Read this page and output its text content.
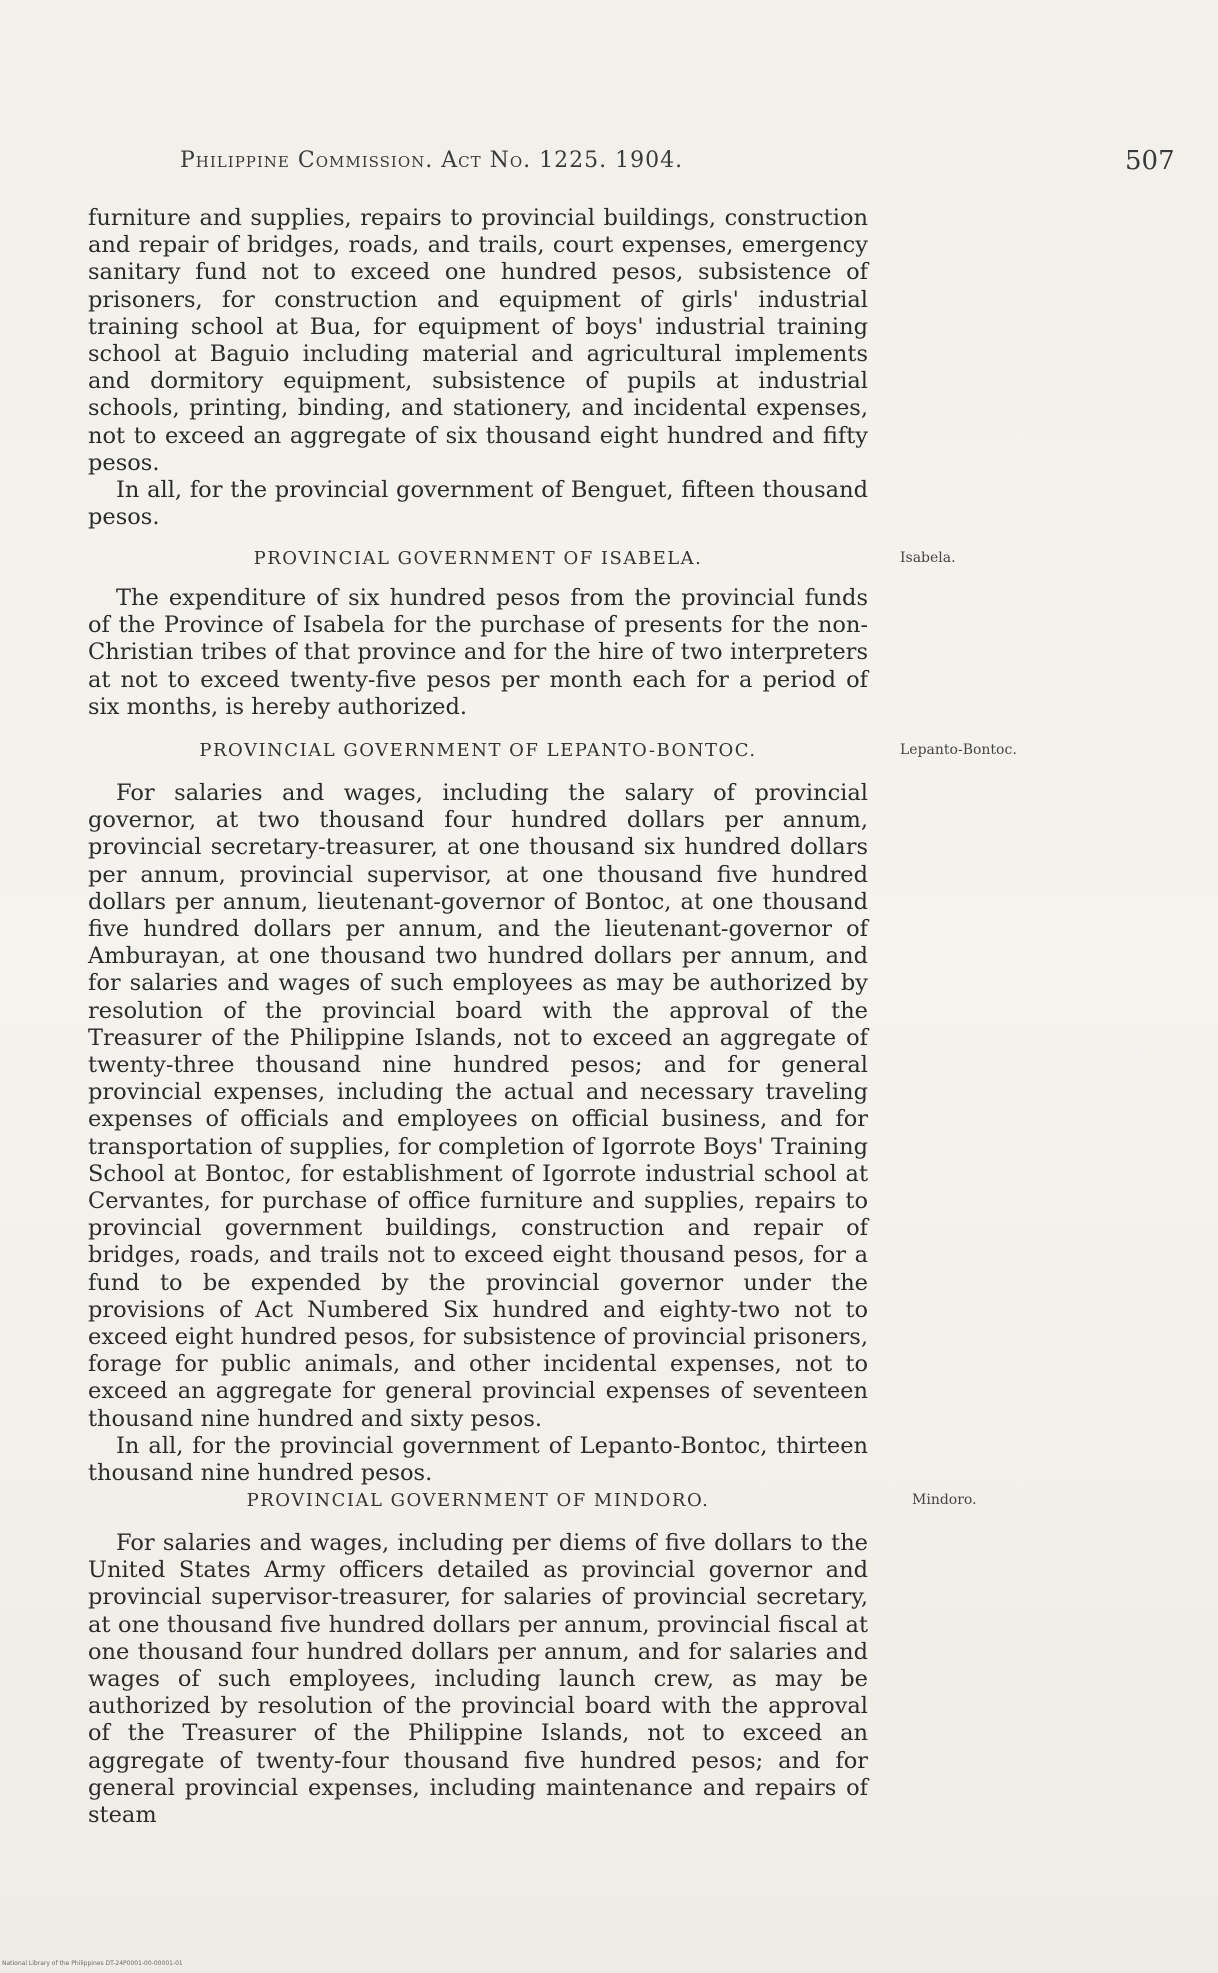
Philippine Commission. Act No. 1225. 1904.	507

furniture and supplies, repairs to provincial buildings, construction and repair of bridges, roads, and trails, court expenses, emergency sanitary fund not to exceed one hundred pesos, subsistence of prisoners, for construction and equipment of girls' industrial training school at Bua, for equipment of boys' industrial training school at Baguio including material and agricultural implements and dormitory equipment, subsistence of pupils at industrial schools, printing, binding, and stationery, and incidental expenses, not to exceed an aggregate of six thousand eight hundred and fifty pesos.

In all, for the provincial government of Benguet, fifteen thousand pesos.

PROVINCIAL GOVERNMENT OF ISABELA.	Isabela.

The expenditure of six hundred pesos from the provincial funds of the Province of Isabela for the purchase of presents for the non-Christian tribes of that province and for the hire of two interpreters at not to exceed twenty-five pesos per month each for a period of six months, is hereby authorized.

PROVINCIAL GOVERNMENT OF LEPANTO-BONTOC.	Lepanto-Bontoc.

For salaries and wages, including the salary of provincial governor, at two thousand four hundred dollars per annum, provincial secretary-treasurer, at one thousand six hundred dollars per annum, provincial supervisor, at one thousand five hundred dollars per annum, lieutenant-governor of Bontoc, at one thousand five hundred dollars per annum, and the lieutenant-governor of Amburayan, at one thousand two hundred dollars per annum, and for salaries and wages of such employees as may be authorized by resolution of the provincial board with the approval of the Treasurer of the Philippine Islands, not to exceed an aggregate of twenty-three thousand nine hundred pesos; and for general provincial expenses, including the actual and necessary traveling expenses of officials and employees on official business, and for transportation of supplies, for completion of Igorrote Boys' Training School at Bontoc, for establishment of Igorrote industrial school at Cervantes, for purchase of office furniture and supplies, repairs to provincial government buildings, construction and repair of bridges, roads, and trails not to exceed eight thousand pesos, for a fund to be expended by the provincial governor under the provisions of Act Numbered Six hundred and eighty-two not to exceed eight hundred pesos, for subsistence of provincial prisoners, forage for public animals, and other incidental expenses, not to exceed an aggregate for general provincial expenses of seventeen thousand nine hundred and sixty pesos.

In all, for the provincial government of Lepanto-Bontoc, thirteen thousand nine hundred pesos.

PROVINCIAL GOVERNMENT OF MINDORO.	Mindoro.

For salaries and wages, including per diems of five dollars to the United States Army officers detailed as provincial governor and provincial supervisor-treasurer, for salaries of provincial secretary, at one thousand five hundred dollars per annum, provincial fiscal at one thousand four hundred dollars per annum, and for salaries and wages of such employees, including launch crew, as may be authorized by resolution of the provincial board with the approval of the Treasurer of the Philippine Islands, not to exceed an aggregate of twenty-four thousand five hundred pesos; and for general provincial expenses, including maintenance and repairs of steam

National Library of the Philippines DT-24P0001-00-00001-01
